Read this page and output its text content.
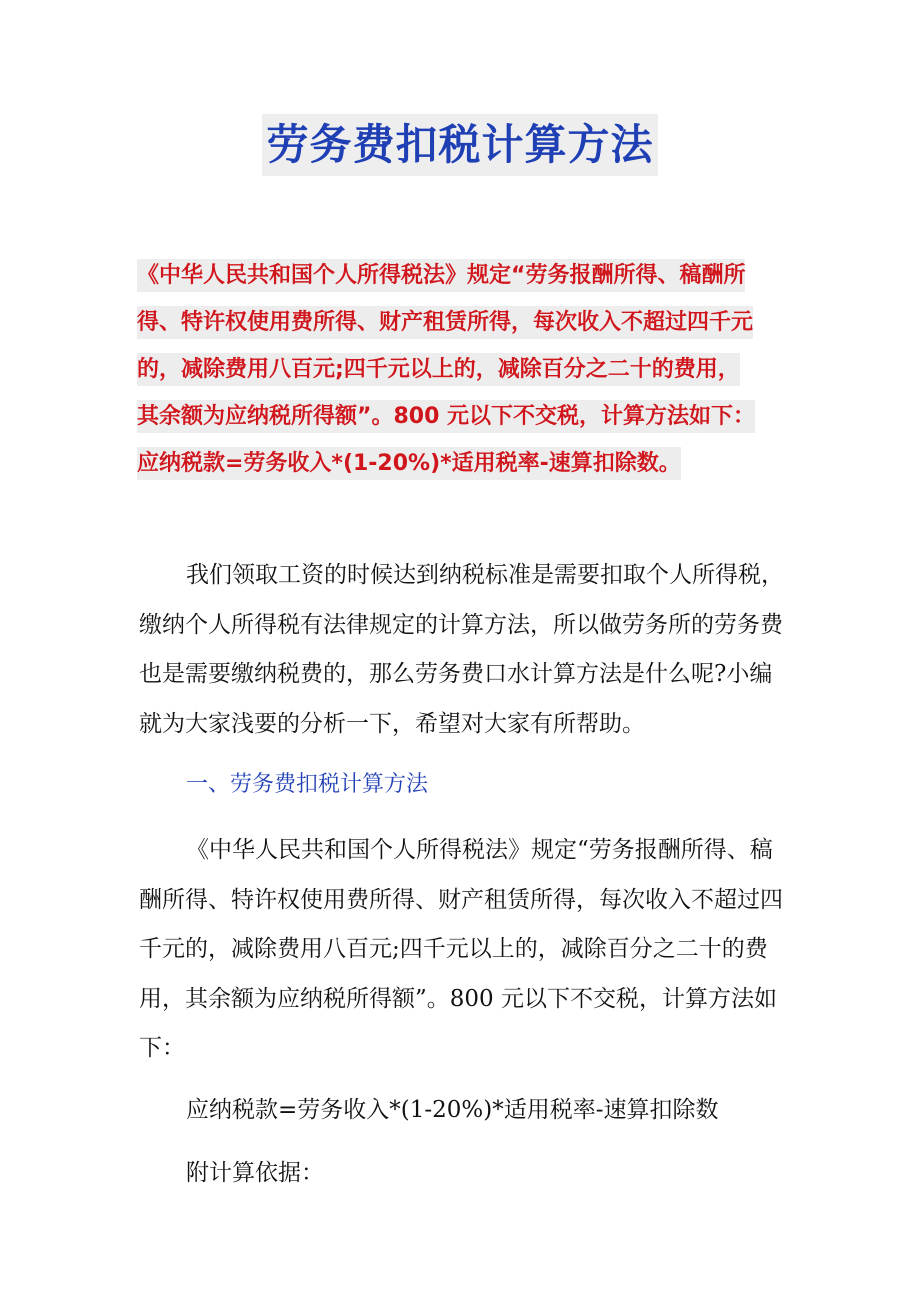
劳务费扣税计算方法
《中华人民共和国个人所得税法》规定“劳务报酬所得、稿酬所
得、特许权使用费所得、财产租赁所得，每次收入不超过四千元
的，减除费用八百元;四千元以上的，减除百分之二十的费用，
其余额为应纳税所得额”。800 元以下不交税，计算方法如下：
应纳税款=劳务收入*(1-20%)*适用税率-速算扣除数。
我们领取工资的时候达到纳税标准是需要扣取个人所得税，
缴纳个人所得税有法律规定的计算方法，所以做劳务所的劳务费
也是需要缴纳税费的，那么劳务费口水计算方法是什么呢?小编
就为大家浅要的分析一下，希望对大家有所帮助。
一、劳务费扣税计算方法
《中华人民共和国个人所得税法》规定“劳务报酬所得、稿
酬所得、特许权使用费所得、财产租赁所得，每次收入不超过四
千元的，减除费用八百元;四千元以上的，减除百分之二十的费
用，其余额为应纳税所得额”。800 元以下不交税，计算方法如
下：
应纳税款=劳务收入*(1-20%)*适用税率-速算扣除数
附计算依据：
